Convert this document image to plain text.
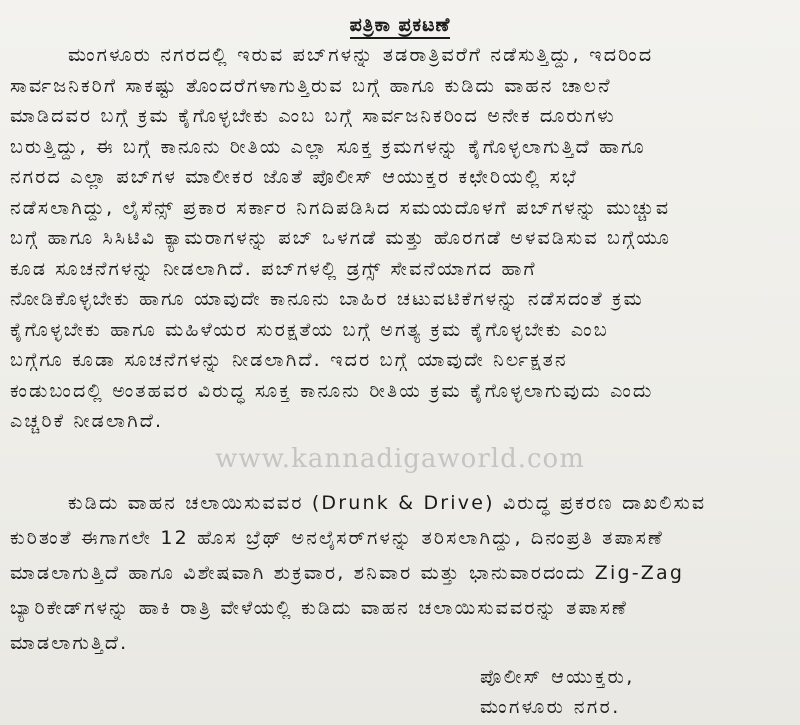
ಪತ್ರಿಕಾ ಪ್ರಕಟಣೆ
ಮಂಗಳೂರು ನಗರದಲ್ಲಿ ಇರುವ ಪಬ್‌ಗಳನ್ನು ತಡರಾತ್ರಿವರೆಗೆ ನಡೆಸುತ್ತಿದ್ದು, ಇದರಿಂದ
ಸಾರ್ವಜನಿಕರಿಗೆ ಸಾಕಷ್ಟು ತೊಂದರೆಗಳಾಗುತ್ತಿರುವ ಬಗ್ಗೆ ಹಾಗೂ ಕುಡಿದು ವಾಹನ ಚಾಲನೆ
ಮಾಡಿದವರ ಬಗ್ಗೆ ಕ್ರಮ ಕೈಗೊಳ್ಳಬೇಕು ಎಂಬ ಬಗ್ಗೆ ಸಾರ್ವಜನಿಕರಿಂದ ಅನೇಕ ದೂರುಗಳು
ಬರುತ್ತಿದ್ದು, ಈ ಬಗ್ಗೆ ಕಾನೂನು ರೀತಿಯ ಎಲ್ಲಾ ಸೂಕ್ತ ಕ್ರಮಗಳನ್ನು ಕೈಗೊಳ್ಳಲಾಗುತ್ತಿದೆ ಹಾಗೂ
ನಗರದ ಎಲ್ಲಾ ಪಬ್‌ಗಳ ಮಾಲೀಕರ ಜೊತೆ ಪೊಲೀಸ್ ಆಯುಕ್ತರ ಕಛೇರಿಯಲ್ಲಿ ಸಭೆ
ನಡೆಸಲಾಗಿದ್ದು, ಲೈಸೆನ್ಸ್ ಪ್ರಕಾರ ಸರ್ಕಾರ ನಿಗದಿಪಡಿಸಿದ ಸಮಯದೊಳಗೆ ಪಬ್‌ಗಳನ್ನು ಮುಚ್ಚುವ
ಬಗ್ಗೆ ಹಾಗೂ ಸಿಸಿಟಿವಿ ಕ್ಯಾಮರಾಗಳನ್ನು ಪಬ್ ಒಳಗಡೆ ಮತ್ತು ಹೊರಗಡೆ ಅಳವಡಿಸುವ ಬಗ್ಗೆಯೂ
ಕೂಡ ಸೂಚನೆಗಳನ್ನು ನೀಡಲಾಗಿದೆ. ಪಬ್‌ಗಳಲ್ಲಿ ಡ್ರಗ್ಸ್ ಸೇವನೆಯಾಗದ ಹಾಗೆ
ನೋಡಿಕೊಳ್ಳಬೇಕು ಹಾಗೂ ಯಾವುದೇ ಕಾನೂನು ಬಾಹಿರ ಚಟುವಟಿಕೆಗಳನ್ನು ನಡೆಸದಂತೆ ಕ್ರಮ
ಕೈಗೊಳ್ಳಬೇಕು ಹಾಗೂ ಮಹಿಳೆಯರ ಸುರಕ್ಷತೆಯ ಬಗ್ಗೆ ಅಗತ್ಯ ಕ್ರಮ ಕೈಗೊಳ್ಳಬೇಕು ಎಂಬ
ಬಗ್ಗೆಗೂ ಕೂಡಾ ಸೂಚನೆಗಳನ್ನು ನೀಡಲಾಗಿದೆ. ಇದರ ಬಗ್ಗೆ ಯಾವುದೇ ನಿರ್ಲಕ್ಷತನ
ಕಂಡುಬಂದಲ್ಲಿ ಅಂತಹವರ ವಿರುದ್ಧ ಸೂಕ್ತ ಕಾನೂನು ರೀತಿಯ ಕ್ರಮ ಕೈಗೊಳ್ಳಲಾಗುವುದು ಎಂದು
ಎಚ್ಚರಿಕೆ ನೀಡಲಾಗಿದೆ.
www.kannadigaworld.com
ಕುಡಿದು ವಾಹನ ಚಲಾಯಿಸುವವರ (Drunk & Drive) ವಿರುದ್ಧ ಪ್ರಕರಣ ದಾಖಲಿಸುವ
ಕುರಿತಂತೆ ಈಗಾಗಲೇ 12 ಹೊಸ ಬ್ರೆಥ್ ಅನಲೈಸರ್‌ಗಳನ್ನು ತರಿಸಲಾಗಿದ್ದು, ದಿನಂಪ್ರತಿ ತಪಾಸಣೆ
ಮಾಡಲಾಗುತ್ತಿದೆ ಹಾಗೂ ವಿಶೇಷವಾಗಿ ಶುಕ್ರವಾರ, ಶನಿವಾರ ಮತ್ತು ಭಾನುವಾರದಂದು Zig-Zag
ಬ್ಯಾರಿಕೇಡ್‌ಗಳನ್ನು ಹಾಕಿ ರಾತ್ರಿ ವೇಳೆಯಲ್ಲಿ ಕುಡಿದು ವಾಹನ ಚಲಾಯಿಸುವವರನ್ನು ತಪಾಸಣೆ
ಮಾಡಲಾಗುತ್ತಿದೆ.
ಪೊಲೀಸ್ ಆಯುಕ್ತರು,
ಮಂಗಳೂರು ನಗರ.
